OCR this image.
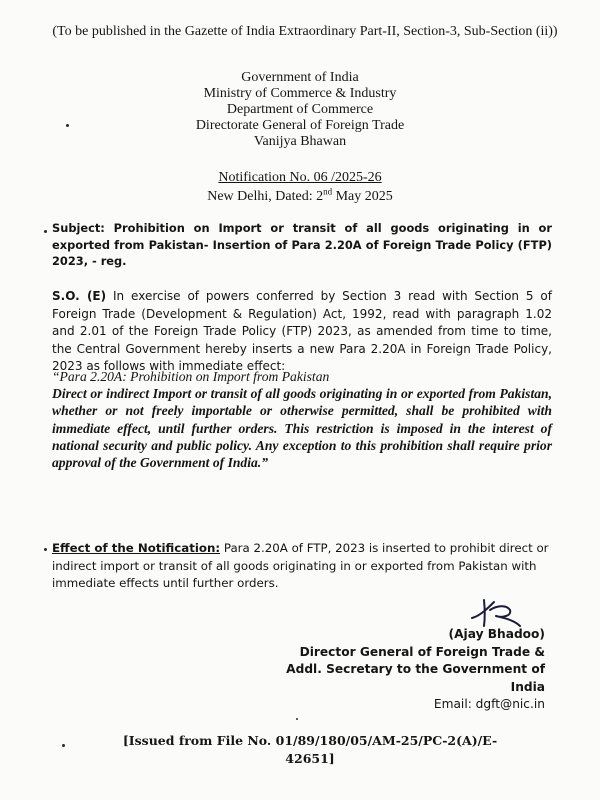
(To be published in the Gazette of India Extraordinary Part-II, Section-3, Sub-Section (ii))
Government of India
Ministry of Commerce & Industry
Department of Commerce
Directorate General of Foreign Trade
Vanijya Bhawan
Notification No. 06 /2025-26
New Delhi, Dated: 2nd May 2025
Subject: Prohibition on Import or transit of all goods originating in or exported from Pakistan- Insertion of Para 2.20A of Foreign Trade Policy (FTP) 2023, - reg.
S.O. (E) In exercise of powers conferred by Section 3 read with Section 5 of Foreign Trade (Development & Regulation) Act, 1992, read with paragraph 1.02 and 2.01 of the Foreign Trade Policy (FTP) 2023, as amended from time to time, the Central Government hereby inserts a new Para 2.20A in Foreign Trade Policy, 2023 as follows with immediate effect:
“Para 2.20A: Prohibition on Import from Pakistan
Direct or indirect Import or transit of all goods originating in or exported from Pakistan, whether or not freely importable or otherwise permitted, shall be prohibited with immediate effect, until further orders. This restriction is imposed in the interest of national security and public policy. Any exception to this prohibition shall require prior approval of the Government of India.”
Effect of the Notification: Para 2.20A of FTP, 2023 is inserted to prohibit direct or indirect import or transit of all goods originating in or exported from Pakistan with immediate effects until further orders.
(Ajay Bhadoo)
Director General of Foreign Trade &
Addl. Secretary to the Government of India
Email: dgft@nic.in
[Issued from File No. 01/89/180/05/AM-25/PC-2(A)/E-42651]
